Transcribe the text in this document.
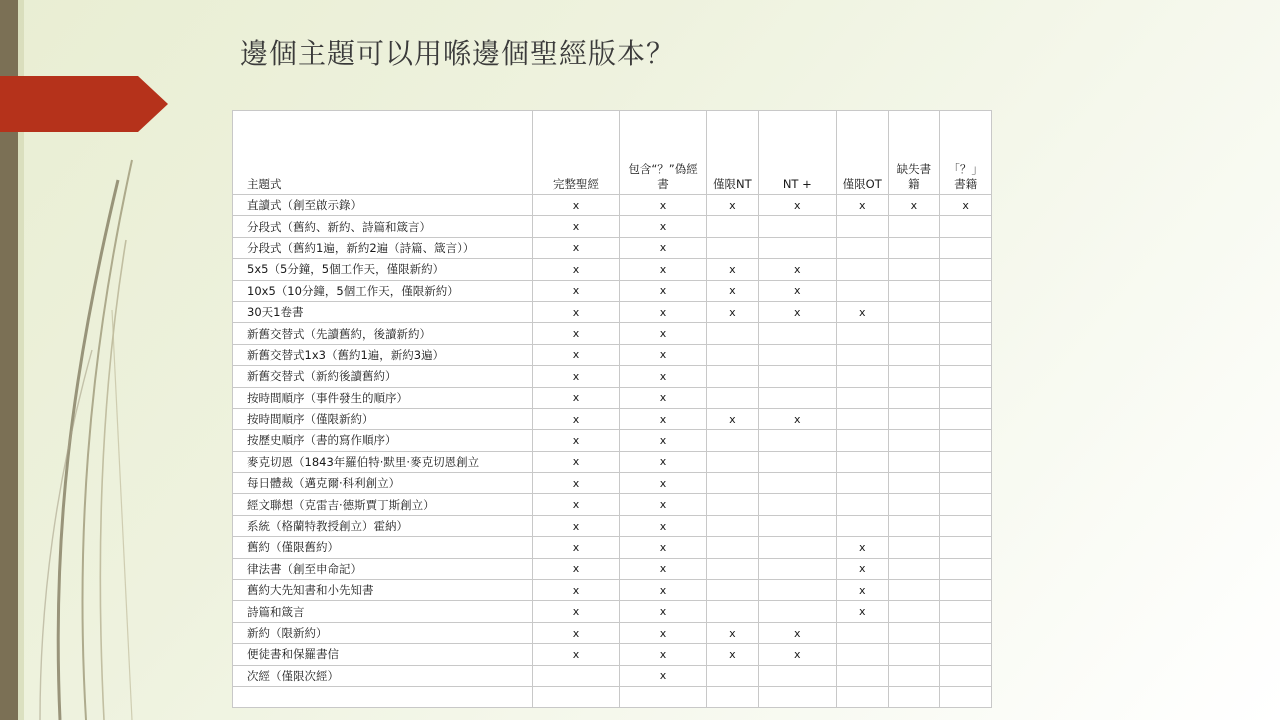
邊個主題可以用喺邊個聖經版本？
主題式	完整聖經	包含“？”偽經書	僅限NT	NT +	僅限OT	缺失書籍	「？」書籍
直讀式（創至啟示錄）	x	x	x	x	x	x	x
分段式（舊約、新約、詩篇和箴言）	x	x					
分段式（舊約1遍，新約2遍（詩篇、箴言））	x	x					
5x5（5分鐘，5個工作天，僅限新約）	x	x	x	x			
10x5（10分鐘，5個工作天，僅限新約）	x	x	x	x			
30天1卷書	x	x	x	x	x		
新舊交替式（先讀舊約，後讀新約）	x	x					
新舊交替式1x3（舊約1遍，新約3遍）	x	x					
新舊交替式（新約後讀舊約）	x	x					
按時間順序（事件發生的順序）	x	x					
按時間順序（僅限新約）	x	x	x	x			
按歷史順序（書的寫作順序）	x	x					
麥克切恩（1843年羅伯特·默里·麥克切恩創立	x	x					
每日體裁（邁克爾·科利創立）	x	x					
經文聯想（克雷吉·德斯賈丁斯創立）	x	x					
系統（格蘭特教授創立）霍納）	x	x					
舊約（僅限舊約）	x	x			x		
律法書（創至申命記）	x	x			x		
舊約大先知書和小先知書	x	x			x		
詩篇和箴言	x	x			x		
新約（限新約）	x	x	x	x			
便徒書和保羅書信	x	x	x	x			
次經（僅限次經）		x					
